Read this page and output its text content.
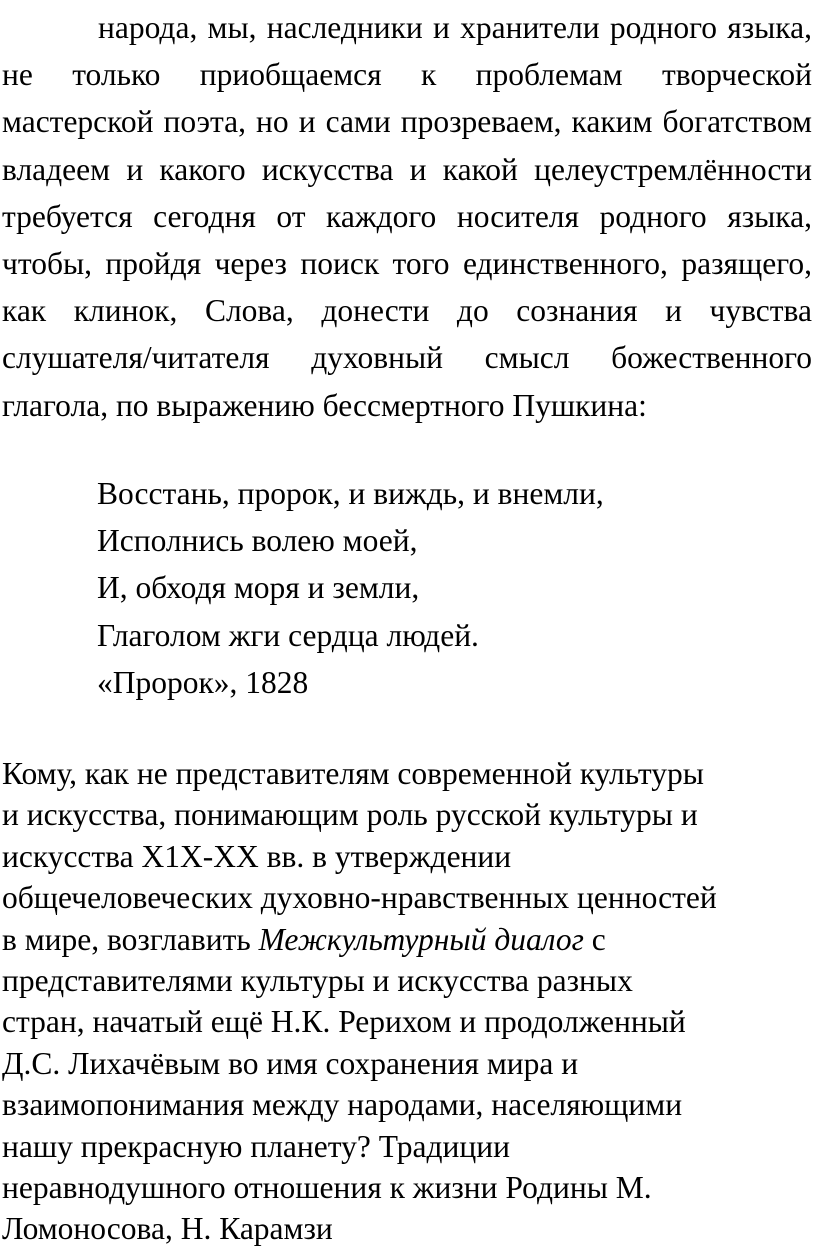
народа, мы, наследники и хранители родного языка, не только приобщаемся к проблемам творческой мастерской поэта, но и сами прозреваем, каким богатством владеем и какого искусства и какой целеустремлённости требуется сегодня от каждого носителя родного языка, чтобы, пройдя через поиск того единственного, разящего, как клинок, Слова, донести до сознания и чувства слушателя/читателя духовный смысл божественного глагола, по выражению бессмертного Пушкина:

Восстань, пророк, и виждь, и внемли,
Исполнись волею моей,
И, обходя моря и земли,
Глаголом жги сердца людей.
«Пророк», 1828
Кому, как не представителям современной культуры
и искусства, понимающим роль русской культуры и
искусства Х1Х-ХХ вв. в утверждении
общечеловеческих духовно-нравственных ценностей
в мире, возглавить Межкультурный диалог с
представителями культуры и искусства разных
стран, начатый ещё Н.К. Рерихом и продолженный
Д.С. Лихачёвым во имя сохранения мира и
взаимопонимания между народами, населяющими
нашу прекрасную планету? Традиции
неравнодушного отношения к жизни Родины М.
Ломоносова, Н. Карамзи
